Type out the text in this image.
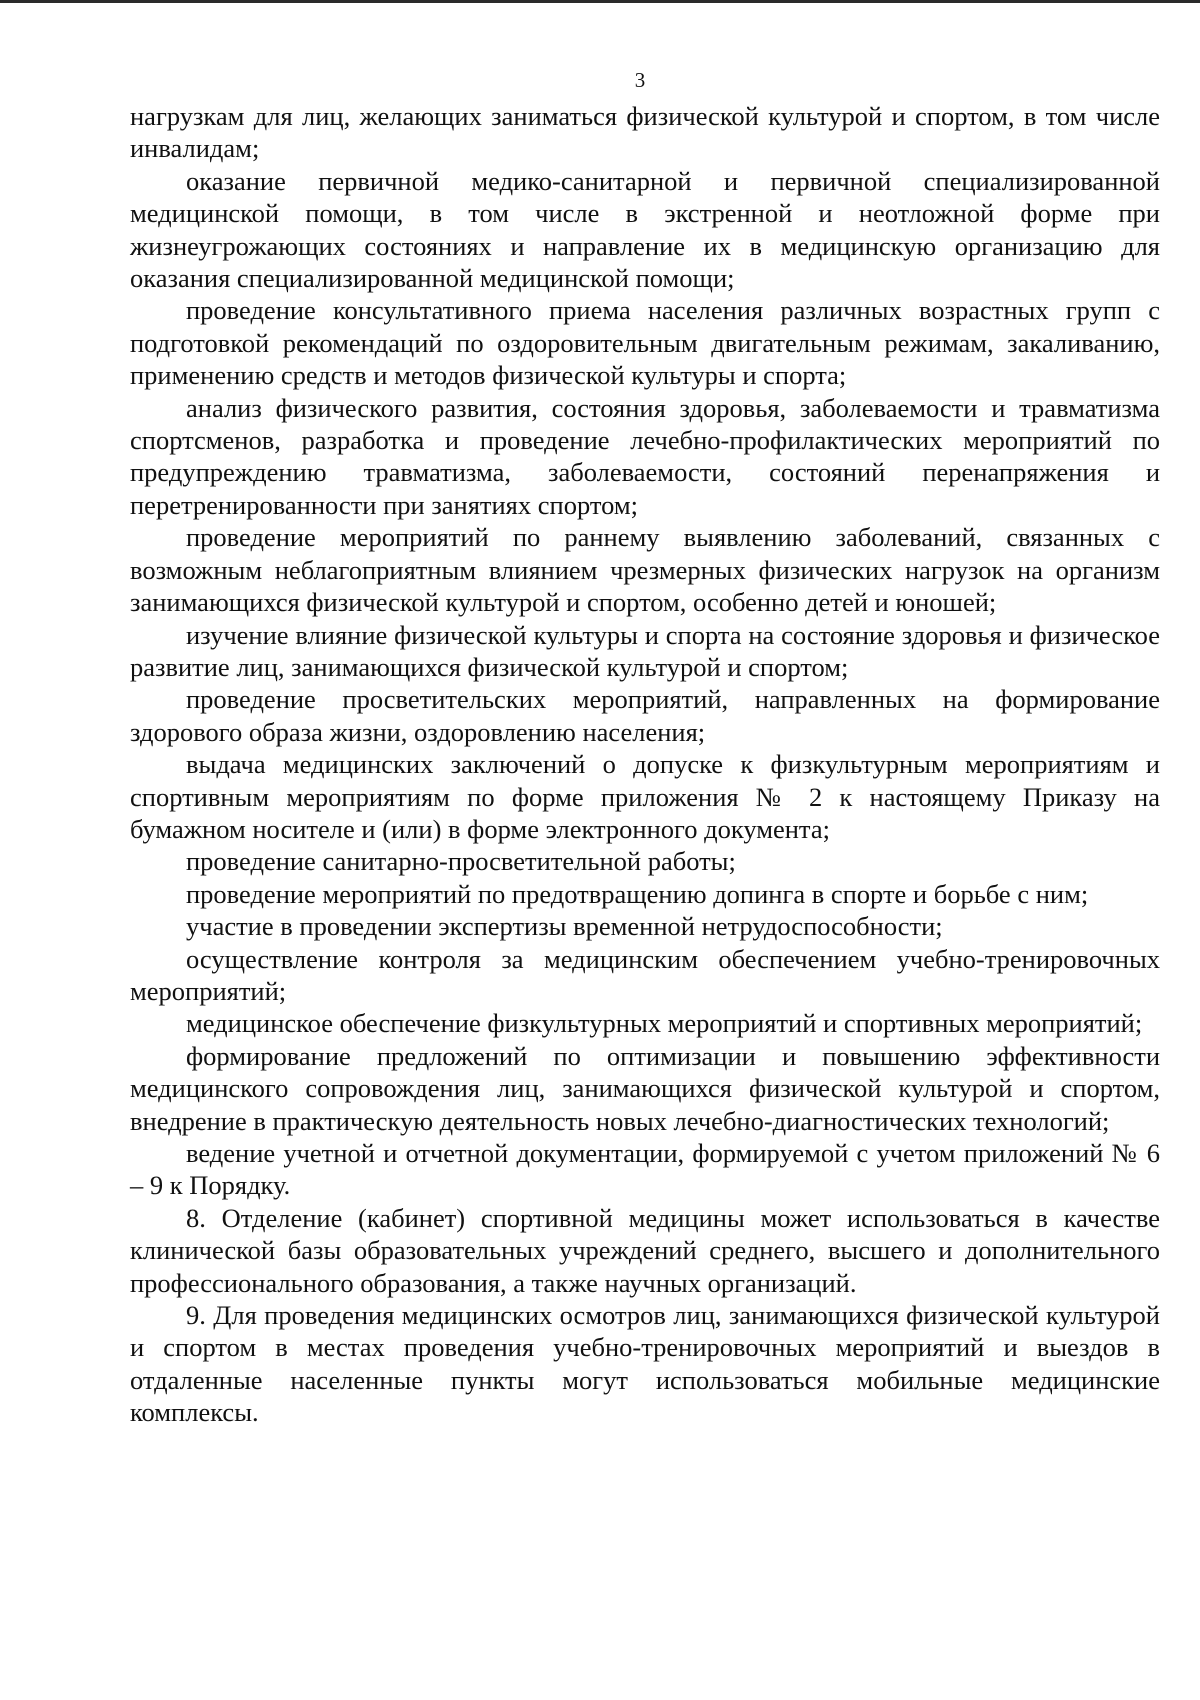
3

нагрузкам для лиц, желающих заниматься физической культурой и спортом, в том числе инвалидам;

оказание первичной медико-санитарной и первичной специализированной медицинской помощи, в том числе в экстренной и неотложной форме при жизнеугрожающих состояниях и направление их в медицинскую организацию для оказания специализированной медицинской помощи;

проведение консультативного приема населения различных возрастных групп с подготовкой рекомендаций по оздоровительным двигательным режимам, закаливанию, применению средств и методов физической культуры и спорта;

анализ физического развития, состояния здоровья, заболеваемости и травматизма спортсменов, разработка и проведение лечебно-профилактических мероприятий по предупреждению травматизма, заболеваемости, состояний перенапряжения и перетренированности при занятиях спортом;

проведение мероприятий по раннему выявлению заболеваний, связанных с возможным неблагоприятным влиянием чрезмерных физических нагрузок на организм занимающихся физической культурой и спортом, особенно детей и юношей;

изучение влияние физической культуры и спорта на состояние здоровья и физическое развитие лиц, занимающихся физической культурой и спортом;

проведение просветительских мероприятий, направленных на формирование здорового образа жизни, оздоровлению населения;

выдача медицинских заключений о допуске к физкультурным мероприятиям и спортивным мероприятиям по форме приложения № 2 к настоящему Приказу на бумажном носителе и (или) в форме электронного документа;

проведение санитарно-просветительной работы;

проведение мероприятий по предотвращению допинга в спорте и борьбе с ним;

участие в проведении экспертизы временной нетрудоспособности;

осуществление контроля за медицинским обеспечением учебно-тренировочных мероприятий;

медицинское обеспечение физкультурных мероприятий и спортивных мероприятий;

формирование предложений по оптимизации и повышению эффективности медицинского сопровождения лиц, занимающихся физической культурой и спортом, внедрение в практическую деятельность новых лечебно-диагностических технологий;

ведение учетной и отчетной документации, формируемой с учетом приложений № 6 – 9 к Порядку.

8. Отделение (кабинет) спортивной медицины может использоваться в качестве клинической базы образовательных учреждений среднего, высшего и дополнительного профессионального образования, а также научных организаций.

9. Для проведения медицинских осмотров лиц, занимающихся физической культурой и спортом в местах проведения учебно-тренировочных мероприятий и выездов в отдаленные населенные пункты могут использоваться мобильные медицинские комплексы.
